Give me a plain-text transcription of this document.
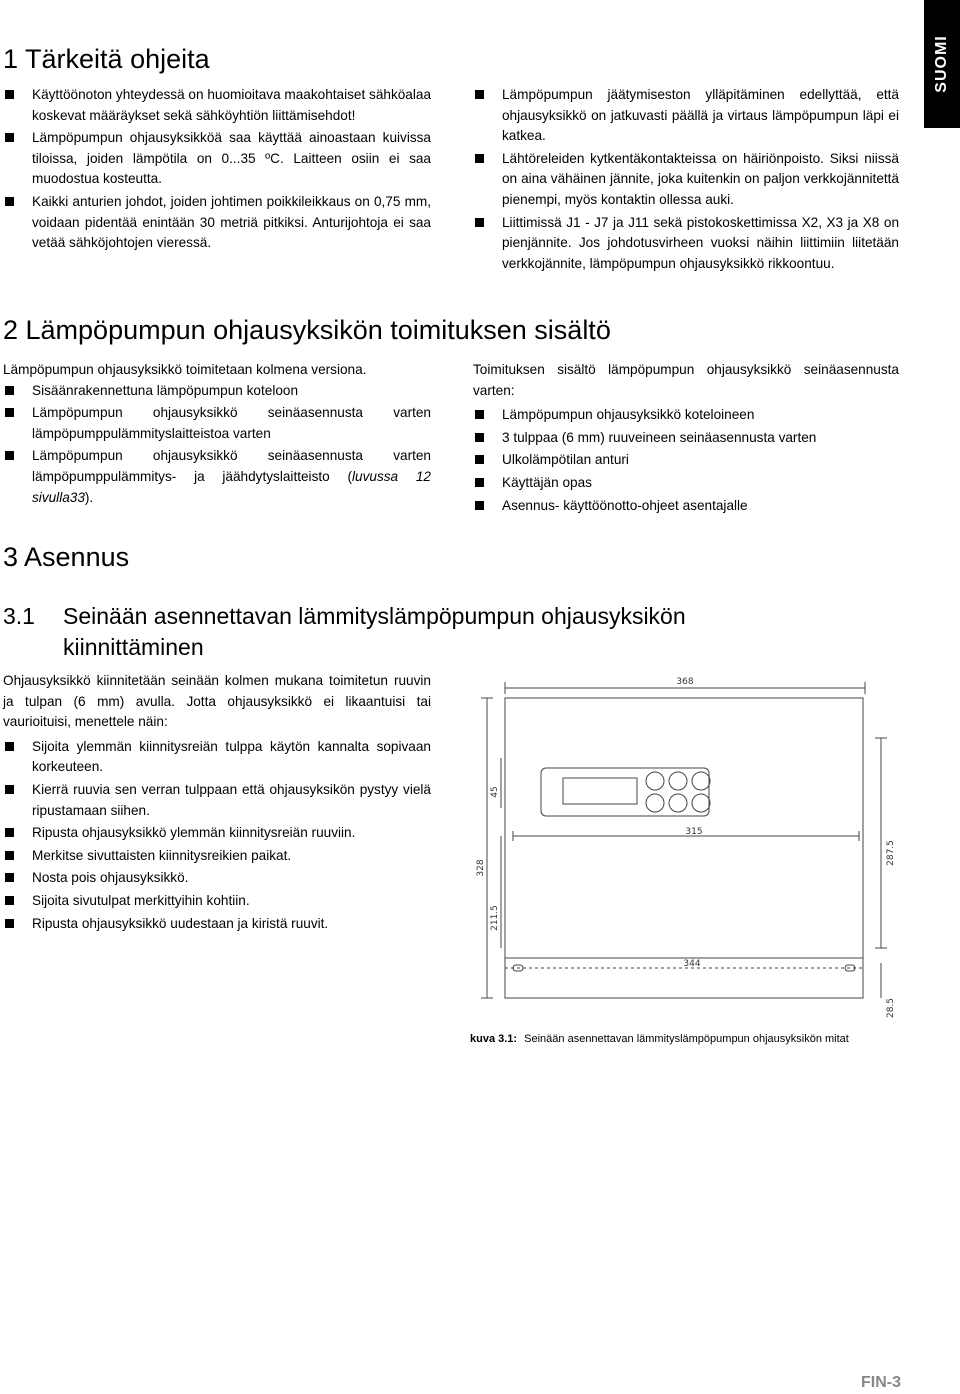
SUOMI
1 Tärkeitä ohjeita
Käyttöönoton yhteydessä on huomioitava maakohtaiset sähköalaa koskevat määräykset sekä sähköyhtiön liittämisehdot!
Lämpöpumpun ohjausyksikköä saa käyttää ainoastaan kuivissa tiloissa, joiden lämpötila on 0...35 ºC. Laitteen osiin ei saa muodostua kosteutta.
Kaikki anturien johdot, joiden johtimen poikkileikkaus on 0,75 mm, voidaan pidentää enintään 30 metriä pitkiksi. Anturijohtoja ei saa vetää sähköjohtojen vieressä.
Lämpöpumpun jäätymiseston ylläpitäminen edellyttää, että ohjausyksikkö on jatkuvasti päällä ja virtaus lämpöpumpun läpi ei katkea.
Lähtöreleiden kytkentäkontakteissa on häiriönpoisto. Siksi niissä on aina vähäinen jännite, joka kuitenkin on paljon verkkojännitettä pienempi, myös kontaktin ollessa auki.
Liittimissä J1 - J7 ja J11 sekä pistokoskettimissa X2, X3 ja X8 on pienjännite. Jos johdotusvirheen vuoksi näihin liittimiin liitetään verkkojännite, lämpöpumpun ohjausyksikkö rikkoontuu.
2 Lämpöpumpun ohjausyksikön toimituksen sisältö

Lämpöpumpun ohjausyksikkö toimitetaan kolmena versiona.

Sisäänrakennettuna lämpöpumpun koteloon
Lämpöpumpun ohjausyksikkö seinäasennusta varten lämpöpumppulämmityslaitteistoa varten
Lämpöpumpun ohjausyksikkö seinäasennusta varten lämpöpumppulämmitys- ja jäähdytyslaitteisto (luvussa 12 sivulla33).

Toimituksen sisältö lämpöpumpun ohjausyksikkö seinäasennusta varten:

Lämpöpumpun ohjausyksikkö koteloineen
3 tulppaa (6 mm) ruuveineen seinäasennusta varten
Ulkolämpötilan anturi
Käyttäjän opas
Asennus- käyttöönotto-ohjeet asentajalle
3 Asennus
3.1 Seinään asennettavan lämmityslämpöpumpun ohjausyksikön
kiinnittäminen

Ohjausyksikkö kiinnitetään seinään kolmen mukana toimitetun ruuvin ja tulpan (6 mm) avulla. Jotta ohjausyksikkö ei likaantuisi tai vaurioituisi, menettele näin:

Sijoita ylemmän kiinnitysreiän tulppa käytön kannalta sopivaan korkeuteen.
Kierrä ruuvia sen verran tulppaan että ohjausyksikön pystyy vielä ripustamaan siihen.
Ripusta ohjausyksikkö ylemmän kiinnitysreiän ruuviin.
Merkitse sivuttaisten kiinnitysreikien paikat.
Nosta pois ohjausyksikkö.
Sijoita sivutulpat merkittyihin kohtiin.
Ripusta ohjausyksikkö uudestaan ja kiristä ruuvit.
368
315
344
328
45
211.5
287.5
28.5
kuva 3.1: Seinään asennettavan lämmityslämpöpumpun ohjausyksikön mitat
FIN-3
